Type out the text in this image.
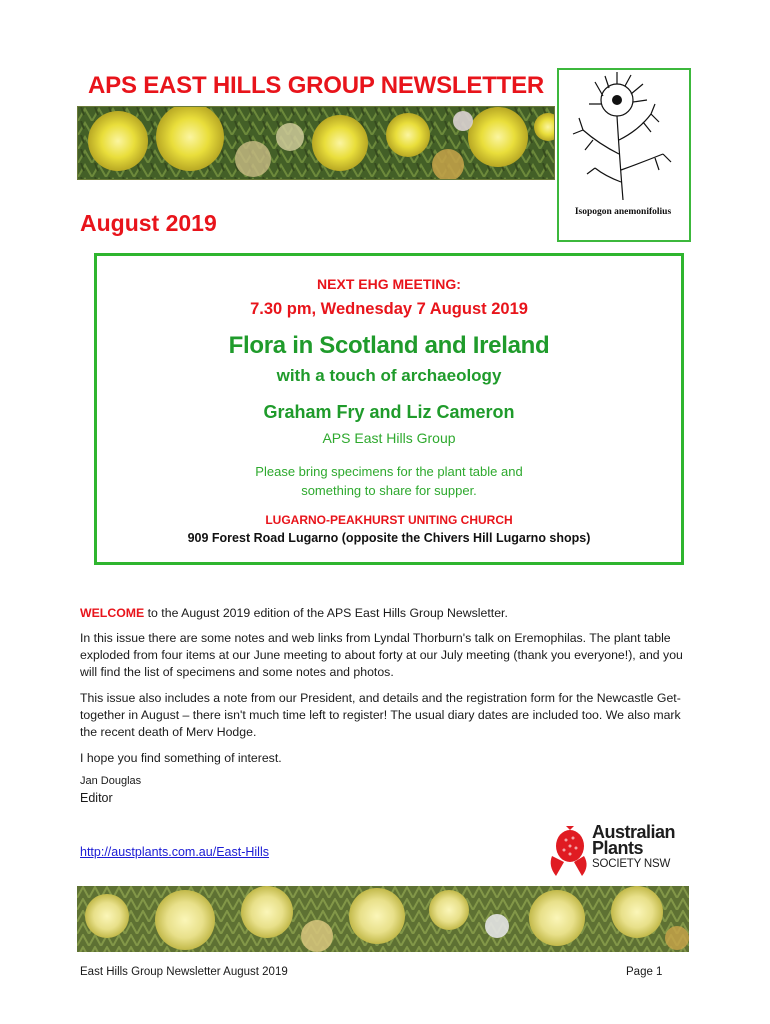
APS EAST HILLS GROUP NEWSLETTER
Isopogon anemonifolius
August 2019
NEXT EHG MEETING:
7.30 pm, Wednesday 7 August 2019
Flora in Scotland and Ireland
with a touch of archaeology
Graham Fry and Liz Cameron
APS East Hills Group
Please bring specimens for the plant table and something to share for supper.
LUGARNO-PEAKHURST UNITING CHURCH
909 Forest Road Lugarno (opposite the Chivers Hill Lugarno shops)
WELCOME to the August 2019 edition of the APS East Hills Group Newsletter.
In this issue there are some notes and web links from Lyndal Thorburn's talk on Eremophilas. The plant table exploded from four items at our June meeting to about forty at our July meeting (thank you everyone!), and you will find the list of specimens and some notes and photos.
This issue also includes a note from our President, and details and the registration form for the Newcastle Get-together in August – there isn't much time left to register! The usual diary dates are included too. We also mark the recent death of Merv Hodge.
I hope you find something of interest.
Jan Douglas
Editor
http://austplants.com.au/East-Hills
Australian
Plants
SOCIETY NSW
East Hills Group Newsletter August 2019	Page 1
